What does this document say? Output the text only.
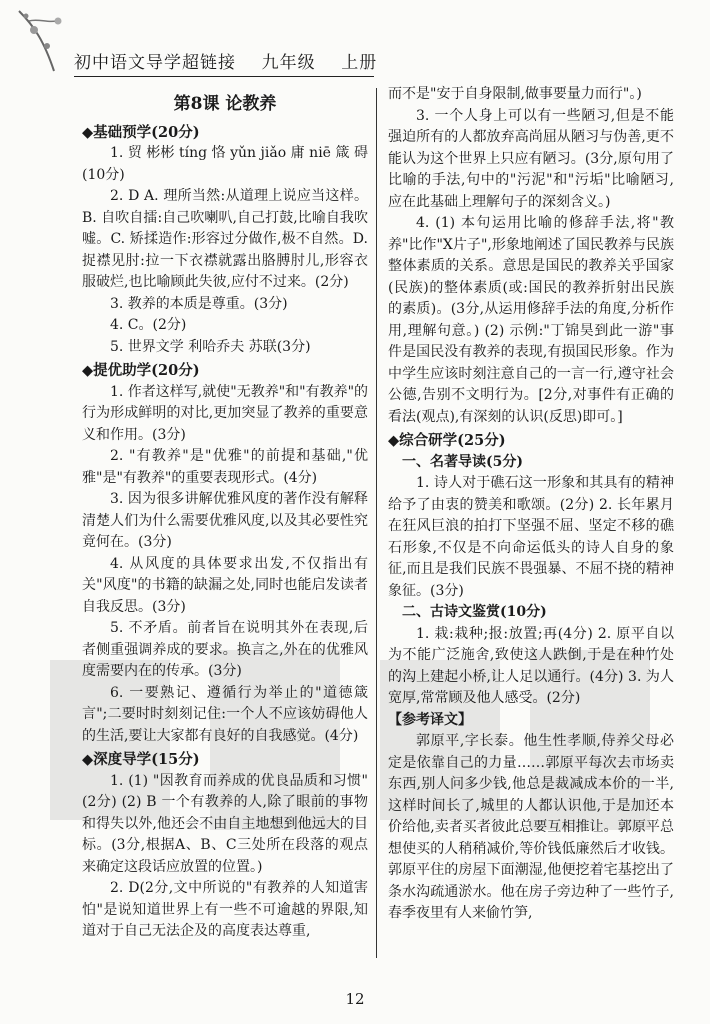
初中语文导学超链接    九年级    上册
第8课 论教养
◆基础预学(20分)
1. 贸 彬彬 tíng 恪 yǔn jiǎo 庸 niē 箴 碍(10分)
2. D A. 理所当然:从道理上说应当这样。B. 自吹自擂:自己吹喇叭,自己打鼓,比喻自我吹嘘。C. 矫揉造作:形容过分做作,极不自然。D. 捉襟见肘:拉一下衣襟就露出胳膊肘儿,形容衣服破烂,也比喻顾此失彼,应付不过来。(2分)
3. 教养的本质是尊重。(3分)
4. C。(2分)
5. 世界文学 利哈乔夫 苏联(3分)
◆提优助学(20分)
1. 作者这样写,就使"无教养"和"有教养"的行为形成鲜明的对比,更加突显了教养的重要意义和作用。(3分)
2. "有教养"是"优雅"的前提和基础,"优雅"是"有教养"的重要表现形式。(4分)
3. 因为很多讲解优雅风度的著作没有解释清楚人们为什么需要优雅风度,以及其必要性究竟何在。(3分)
4. 从风度的具体要求出发,不仅指出有关"风度"的书籍的缺漏之处,同时也能启发读者自我反思。(3分)
5. 不矛盾。前者旨在说明其外在表现,后者侧重强调养成的要求。换言之,外在的优雅风度需要内在的传承。(3分)
6. 一要熟记、遵循行为举止的"道德箴言";二要时时刻刻记住:一个人不应该妨碍他人的生活,要让大家都有良好的自我感觉。(4分)
◆深度导学(15分)
1. (1) "因教育而养成的优良品质和习惯"(2分) (2) B 一个有教养的人,除了眼前的事物和得失以外,他还会不由自主地想到他远大的目标。(3分,根据A、B、C三处所在段落的观点来确定这段话应放置的位置。)
2. D(2分,文中所说的"有教养的人知道害怕"是说知道世界上有一些不可逾越的界限,知道对于自己无法企及的高度表达尊重,
而不是"安于自身限制,做事要量力而行"。)
3. 一个人身上可以有一些陋习,但是不能强迫所有的人都放弃高尚屈从陋习与伪善,更不能认为这个世界上只应有陋习。(3分,原句用了比喻的手法,句中的"污泥"和"污垢"比喻陋习,应在此基础上理解句子的深刻含义。)
4. (1) 本句运用比喻的修辞手法,将"教养"比作"X片子",形象地阐述了国民教养与民族整体素质的关系。意思是国民的教养关乎国家(民族)的整体素质(或:国民的教养折射出民族的素质)。(3分,从运用修辞手法的角度,分析作用,理解句意。) (2) 示例:"丁锦昊到此一游"事件是国民没有教养的表现,有损国民形象。作为中学生应该时刻注意自己的一言一行,遵守社会公德,告别不文明行为。[2分,对事件有正确的看法(观点),有深刻的认识(反思)即可。]
◆综合研学(25分)
一、名著导读(5分)
1. 诗人对于礁石这一形象和其具有的精神给予了由衷的赞美和歌颂。(2分) 2. 长年累月在狂风巨浪的拍打下坚强不屈、坚定不移的礁石形象,不仅是不向命运低头的诗人自身的象征,而且是我们民族不畏强暴、不屈不挠的精神象征。(3分)
二、古诗文鉴赏(10分)
1. 栽:栽种;报:放置;再(4分) 2. 原平自以为不能广泛施舍,致使这人跌倒,于是在种竹处的沟上建起小桥,让人足以通行。(4分) 3. 为人宽厚,常常顾及他人感受。(2分)
【参考译文】
郭原平,字长泰。他生性孝顺,侍养父母必定是依靠自己的力量……郭原平每次去市场卖东西,别人问多少钱,他总是裁减成本价的一半,这样时间长了,城里的人都认识他,于是加还本价给他,卖者买者彼此总要互相推让。郭原平总想使买的人稍稍减价,等价钱低廉然后才收钱。郭原平住的房屋下面潮湿,他便挖着宅基挖出了条水沟疏通淤水。他在房子旁边种了一些竹子,春季夜里有人来偷竹笋,
12
